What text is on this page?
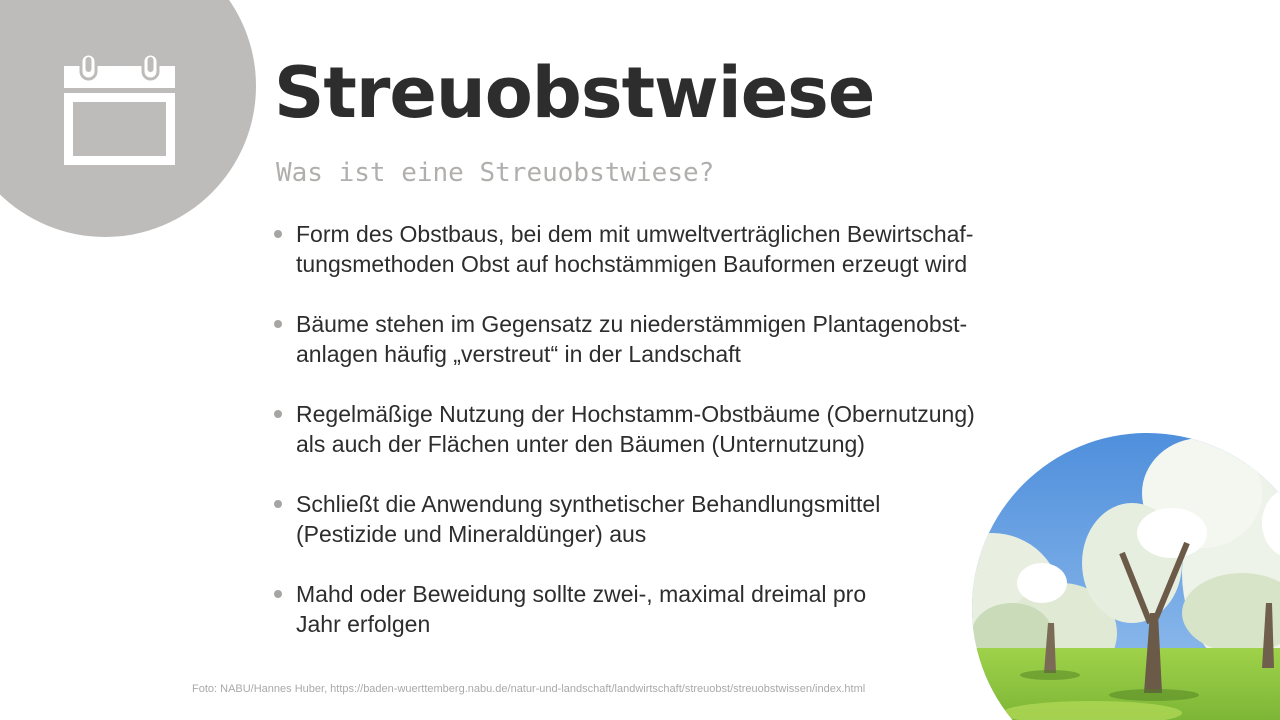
Streuobstwiese
Was ist eine Streuobstwiese?
Form des Obstbaus, bei dem mit umweltverträglichen Bewirtschaf-
tungsmethoden Obst auf hochstämmigen Bauformen erzeugt wird
Bäume stehen im Gegensatz zu niederstämmigen Plantagenobst-
anlagen häufig „verstreut“ in der Landschaft
Regelmäßige Nutzung der Hochstamm-Obstbäume (Obernutzung)
als auch der Flächen unter den Bäumen (Unternutzung)
Schließt die Anwendung synthetischer Behandlungsmittel
(Pestizide und Mineraldünger) aus
Mahd oder Beweidung sollte zwei-, maximal dreimal pro
Jahr erfolgen
Foto: NABU/Hannes Huber, https://baden-wuerttemberg.nabu.de/natur-und-landschaft/landwirtschaft/streuobst/streuobstwissen/index.html
